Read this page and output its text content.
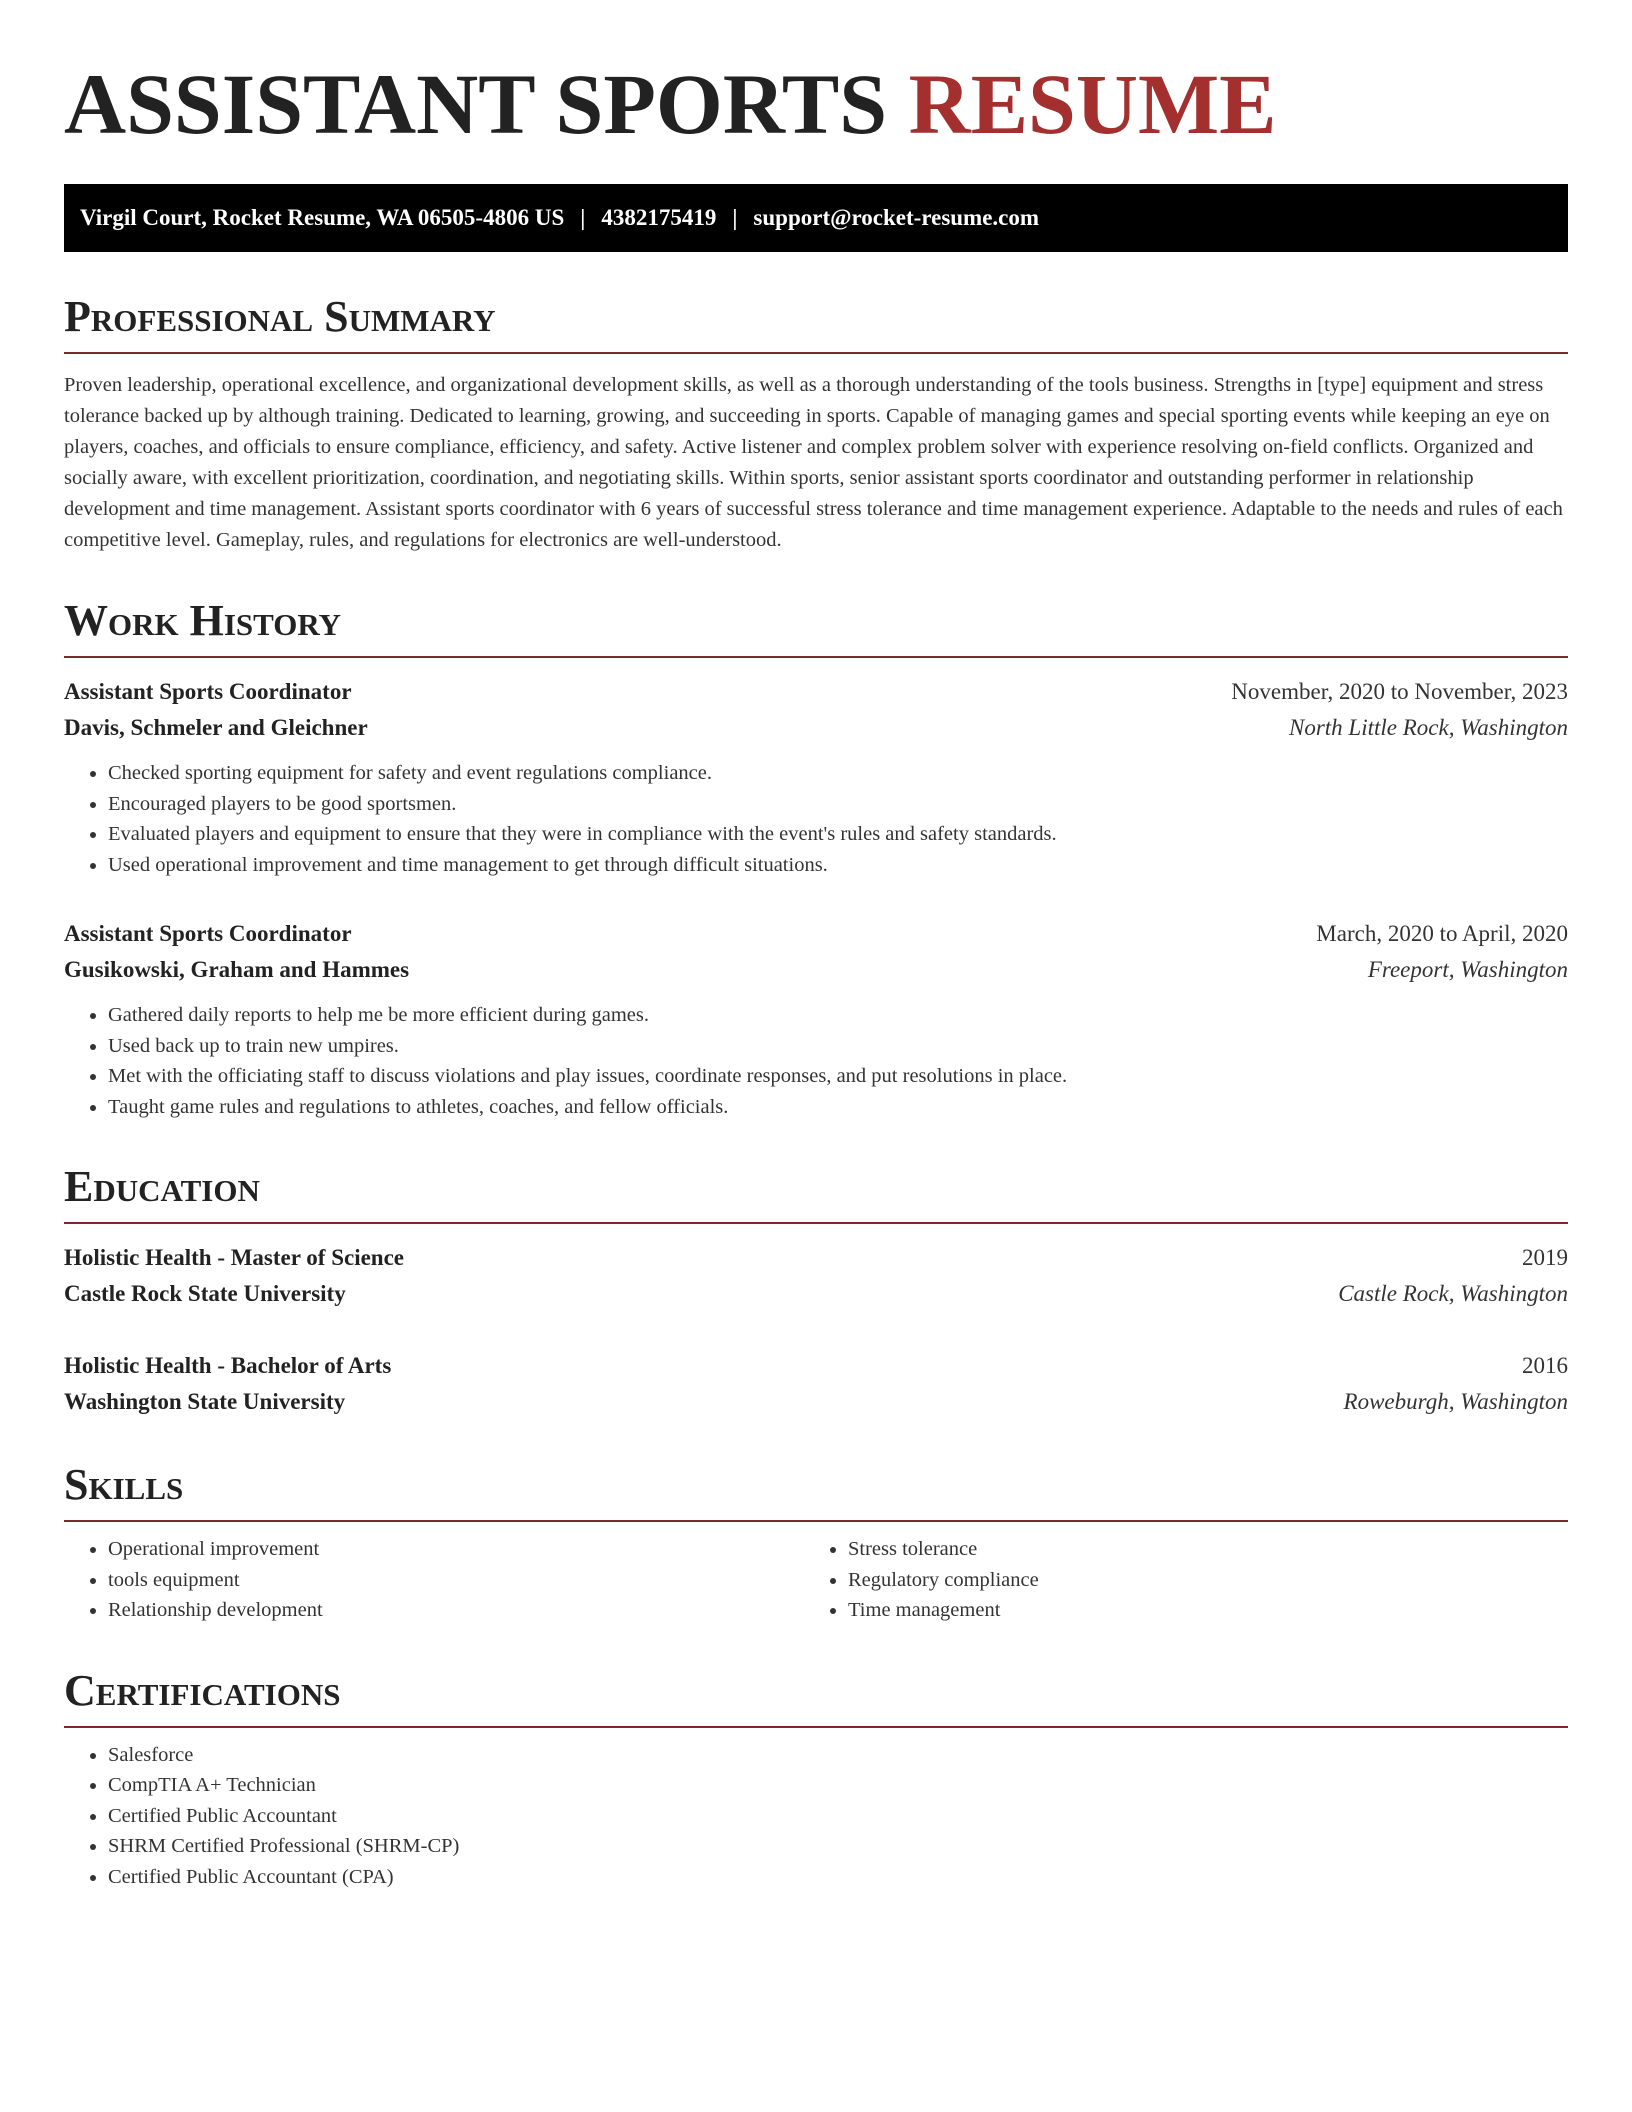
ASSISTANT SPORTS RESUME
Virgil Court, Rocket Resume, WA 06505-4806 US | 4382175419 | support@rocket-resume.com
Professional Summary

Proven leadership, operational excellence, and organizational development skills, as well as a thorough understanding of the tools business. Strengths in [type] equipment and stress tolerance backed up by although training. Dedicated to learning, growing, and succeeding in sports. Capable of managing games and special sporting events while keeping an eye on players, coaches, and officials to ensure compliance, efficiency, and safety. Active listener and complex problem solver with experience resolving on-field conflicts. Organized and socially aware, with excellent prioritization, coordination, and negotiating skills. Within sports, senior assistant sports coordinator and outstanding performer in relationship development and time management. Assistant sports coordinator with 6 years of successful stress tolerance and time management experience. Adaptable to the needs and rules of each competitive level. Gameplay, rules, and regulations for electronics are well-understood.

Work History
Assistant Sports Coordinator	November, 2020 to November, 2023
Davis, Schmeler and Gleichner	North Little Rock, Washington
• Checked sporting equipment for safety and event regulations compliance.
• Encouraged players to be good sportsmen.
• Evaluated players and equipment to ensure that they were in compliance with the event's rules and safety standards.
• Used operational improvement and time management to get through difficult situations.
Assistant Sports Coordinator	March, 2020 to April, 2020
Gusikowski, Graham and Hammes	Freeport, Washington
• Gathered daily reports to help me be more efficient during games.
• Used back up to train new umpires.
• Met with the officiating staff to discuss violations and play issues, coordinate responses, and put resolutions in place.
• Taught game rules and regulations to athletes, coaches, and fellow officials.
Education
Holistic Health - Master of Science	2019
Castle Rock State University	Castle Rock, Washington
Holistic Health - Bachelor of Arts	2016
Washington State University	Roweburgh, Washington
Skills
• Operational improvement
• tools equipment
• Relationship development
• Stress tolerance
• Regulatory compliance
• Time management
Certifications
• Salesforce
• CompTIA A+ Technician
• Certified Public Accountant
• SHRM Certified Professional (SHRM-CP)
• Certified Public Accountant (CPA)
